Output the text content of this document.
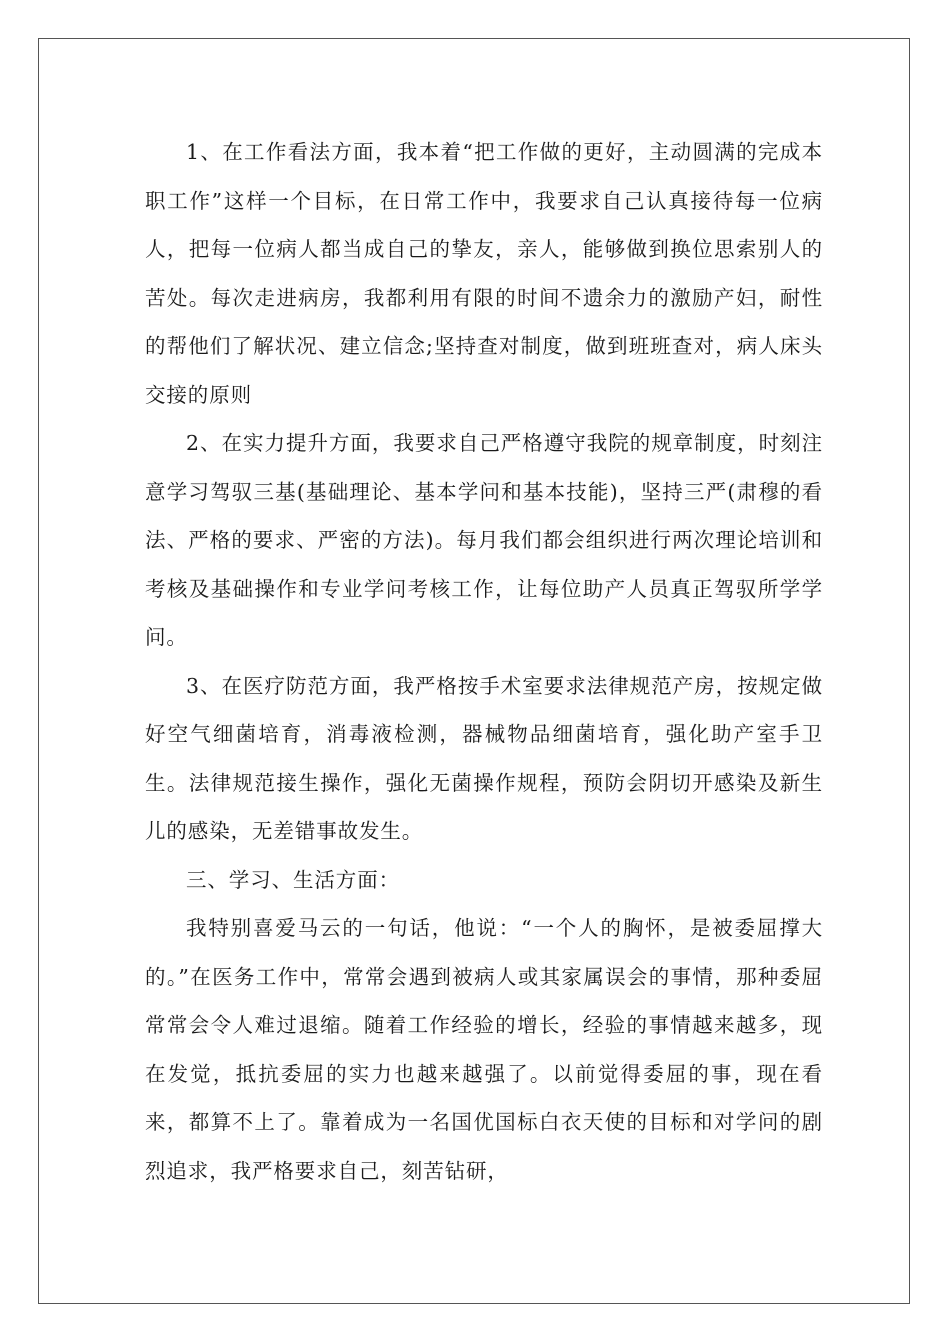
1、在工作看法方面，我本着“把工作做的更好，主动圆满的完成本职工作”这样一个目标，在日常工作中，我要求自己认真接待每一位病人，把每一位病人都当成自己的挚友，亲人，能够做到换位思索别人的苦处。每次走进病房，我都利用有限的时间不遗余力的激励产妇，耐性的帮他们了解状况、建立信念;坚持查对制度，做到班班查对，病人床头交接的原则

2、在实力提升方面，我要求自己严格遵守我院的规章制度，时刻注意学习驾驭三基(基础理论、基本学问和基本技能)，坚持三严(肃穆的看法、严格的要求、严密的方法)。每月我们都会组织进行两次理论培训和考核及基础操作和专业学问考核工作，让每位助产人员真正驾驭所学学问。

3、在医疗防范方面，我严格按手术室要求法律规范产房，按规定做好空气细菌培育，消毒液检测，器械物品细菌培育，强化助产室手卫生。法律规范接生操作，强化无菌操作规程，预防会阴切开感染及新生儿的感染，无差错事故发生。

三、学习、生活方面：

我特别喜爱马云的一句话，他说：“一个人的胸怀，是被委屈撑大的。”在医务工作中，常常会遇到被病人或其家属误会的事情，那种委屈常常会令人难过退缩。随着工作经验的增长，经验的事情越来越多，现在发觉，抵抗委屈的实力也越来越强了。以前觉得委屈的事，现在看来，都算不上了。靠着成为一名国优国标白衣天使的目标和对学问的剧烈追求，我严格要求自己，刻苦钻研，
